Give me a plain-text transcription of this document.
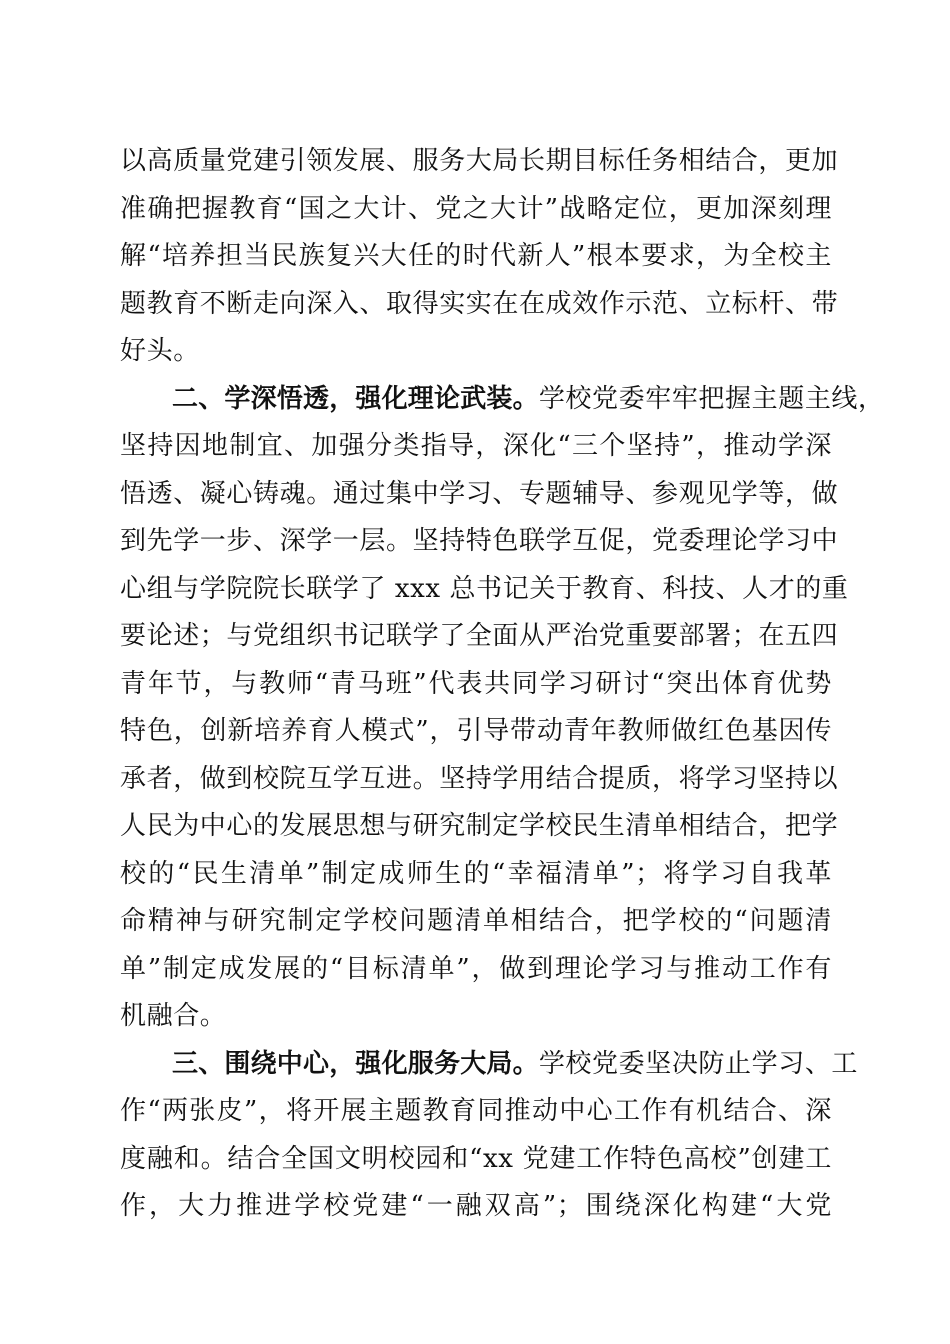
以高质量党建引领发展、服务大局长期目标任务相结合，更加
准确把握教育“国之大计、党之大计”战略定位，更加深刻理
解“培养担当民族复兴大任的时代新人”根本要求，为全校主
题教育不断走向深入、取得实实在在成效作示范、立标杆、带
好头。
二、学深悟透，强化理论武装。学校党委牢牢把握主题主线，
坚持因地制宜、加强分类指导，深化“三个坚持”，推动学深
悟透、凝心铸魂。通过集中学习、专题辅导、参观见学等，做
到先学一步、深学一层。坚持特色联学互促，党委理论学习中
心组与学院院长联学了 xxx 总书记关于教育、科技、人才的重
要论述；与党组织书记联学了全面从严治党重要部署；在五四
青年节，与教师“青马班”代表共同学习研讨“突出体育优势
特色，创新培养育人模式”，引导带动青年教师做红色基因传
承者，做到校院互学互进。坚持学用结合提质，将学习坚持以
人民为中心的发展思想与研究制定学校民生清单相结合，把学
校的“民生清单”制定成师生的“幸福清单”；将学习自我革
命精神与研究制定学校问题清单相结合，把学校的“问题清
单”制定成发展的“目标清单”，做到理论学习与推动工作有
机融合。
三、围绕中心，强化服务大局。学校党委坚决防止学习、工
作“两张皮”，将开展主题教育同推动中心工作有机结合、深
度融和。结合全国文明校园和“xx 党建工作特色高校”创建工
作，大力推进学校党建“一融双高”；围绕深化构建“大党
